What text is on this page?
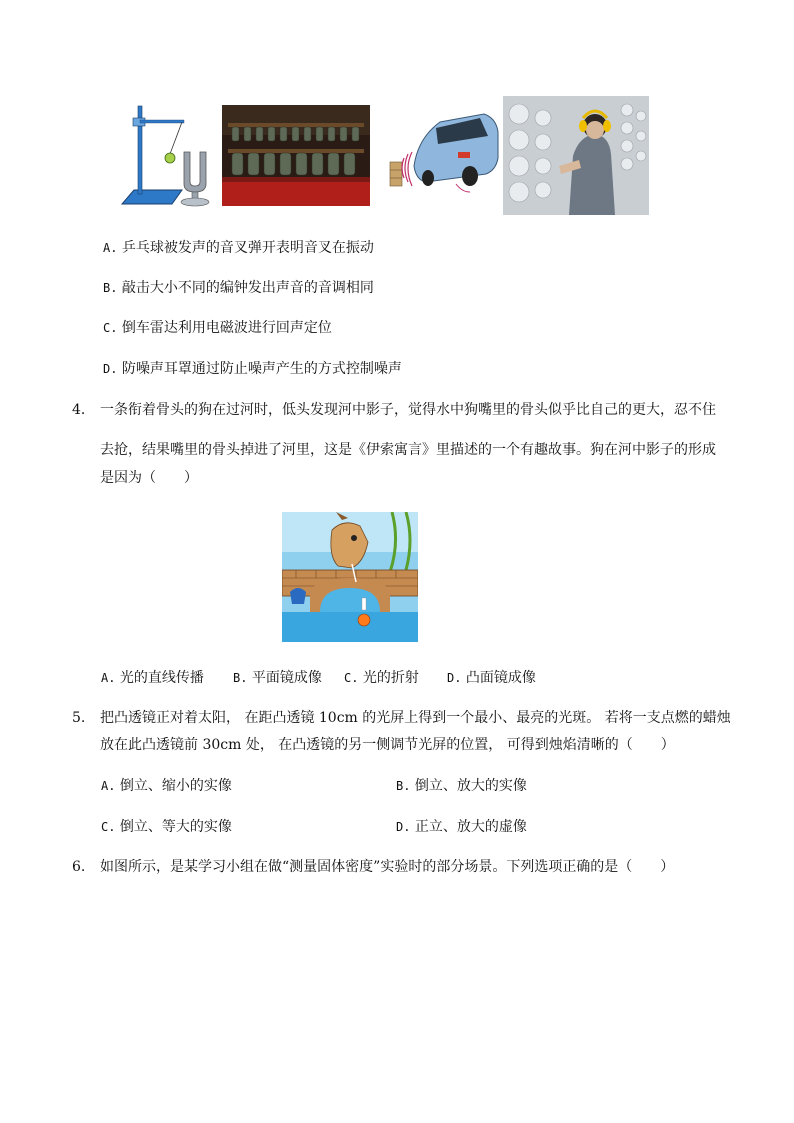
A. 乒乓球被发声的音叉弹开表明音叉在振动
B. 敲击大小不同的编钟发出声音的音调相同
C. 倒车雷达利用电磁波进行回声定位
D. 防噪声耳罩通过防止噪声产生的方式控制噪声
4． 一条衔着骨头的狗在过河时，低头发现河中影子，觉得水中狗嘴里的骨头似乎比自己的更大，忍不住
去抢，结果嘴里的骨头掉进了河里，这是《伊索寓言》里描述的一个有趣故事。狗在河中影子的形成
是因为（　　）
A. 光的直线传播 B. 平面镜成像 C. 光的折射 D. 凸面镜成像
5. 把凸透镜正对着太阳， 在距凸透镜 10cm 的光屏上得到一个最小、最亮的光斑。 若将一支点燃的蜡烛
放在此凸透镜前 30cm 处， 在凸透镜的另一侧调节光屏的位置， 可得到烛焰清晰的（　　）
A. 倒立、缩小的实像	B. 倒立、放大的实像
C. 倒立、等大的实像	D. 正立、放大的虚像
6. 如图所示，是某学习小组在做“测量固体密度”实验时的部分场景。下列选项正确的是（　　）
